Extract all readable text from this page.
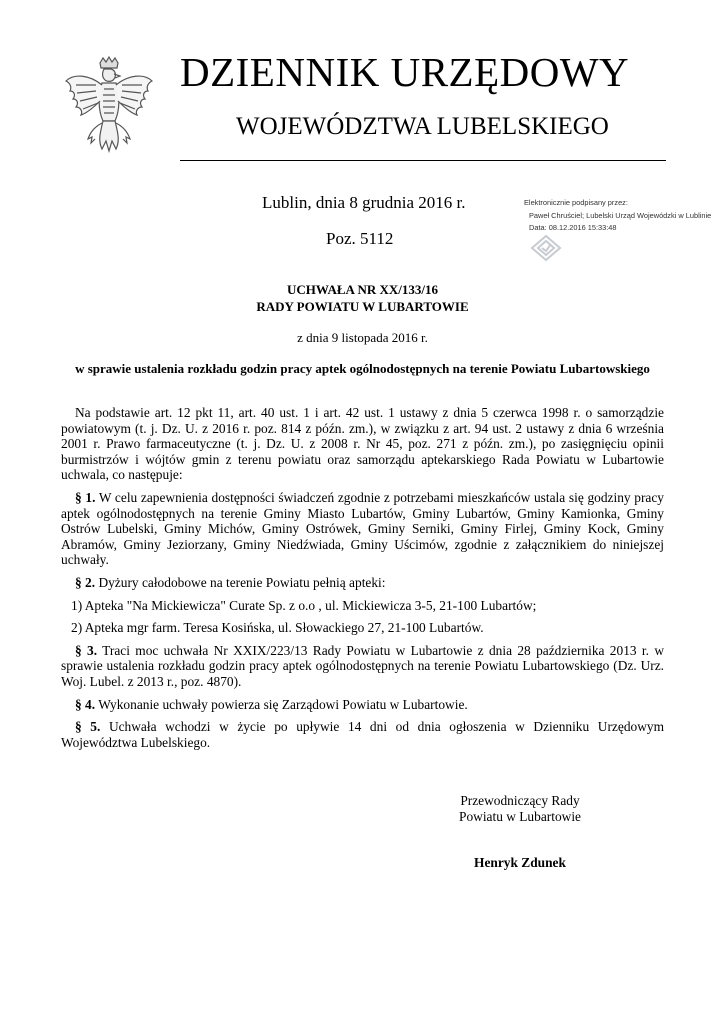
DZIENNIK URZĘDOWY
WOJEWÓDZTWA LUBELSKIEGO
Lublin, dnia 8 grudnia 2016 r.
Poz. 5112
Elektronicznie podpisany przez:
Paweł Chruściel; Lubelski Urząd Wojewódzki w Lublinie
Data: 08.12.2016 15:33:48
UCHWAŁA NR XX/133/16
RADY POWIATU W LUBARTOWIE
z dnia 9 listopada 2016 r.
w sprawie ustalenia rozkładu godzin pracy aptek ogólnodostępnych na terenie Powiatu Lubartowskiego

Na podstawie art. 12 pkt 11, art. 40 ust. 1 i art. 42 ust. 1 ustawy z dnia 5 czerwca 1998 r. o samorządzie powiatowym (t. j. Dz. U. z 2016 r. poz. 814 z późn. zm.), w związku z art. 94 ust. 2 ustawy z dnia 6 września 2001 r. Prawo farmaceutyczne (t. j. Dz. U. z 2008 r. Nr 45, poz. 271 z późn. zm.), po zasięgnięciu opinii burmistrzów i wójtów gmin z terenu powiatu oraz samorządu aptekarskiego Rada Powiatu w Lubartowie uchwala, co następuje:

§ 1. W celu zapewnienia dostępności świadczeń zgodnie z potrzebami mieszkańców ustala się godziny pracy aptek ogólnodostępnych na terenie Gminy Miasto Lubartów, Gminy Lubartów, Gminy Kamionka, Gminy Ostrów Lubelski, Gminy Michów, Gminy Ostrówek, Gminy Serniki, Gminy Firlej, Gminy Kock, Gminy Abramów, Gminy Jeziorzany, Gminy Niedźwiada, Gminy Uścimów, zgodnie z załącznikiem do niniejszej uchwały.

§ 2. Dyżury całodobowe na terenie Powiatu pełnią apteki:

1) Apteka "Na Mickiewicza" Curate Sp. z o.o , ul. Mickiewicza 3-5, 21-100 Lubartów;

2) Apteka mgr farm. Teresa Kosińska, ul. Słowackiego 27, 21-100 Lubartów.

§ 3. Traci moc uchwała Nr XXIX/223/13 Rady Powiatu w Lubartowie z dnia 28 października 2013 r. w sprawie ustalenia rozkładu godzin pracy aptek ogólnodostępnych na terenie Powiatu Lubartowskiego (Dz. Urz. Woj. Lubel. z 2013 r., poz. 4870).

§ 4. Wykonanie uchwały powierza się Zarządowi Powiatu w Lubartowie.

§ 5. Uchwała wchodzi w życie po upływie 14 dni od dnia ogłoszenia w Dzienniku Urzędowym Województwa Lubelskiego.

Przewodniczący Rady
Powiatu w Lubartowie
Henryk Zdunek
